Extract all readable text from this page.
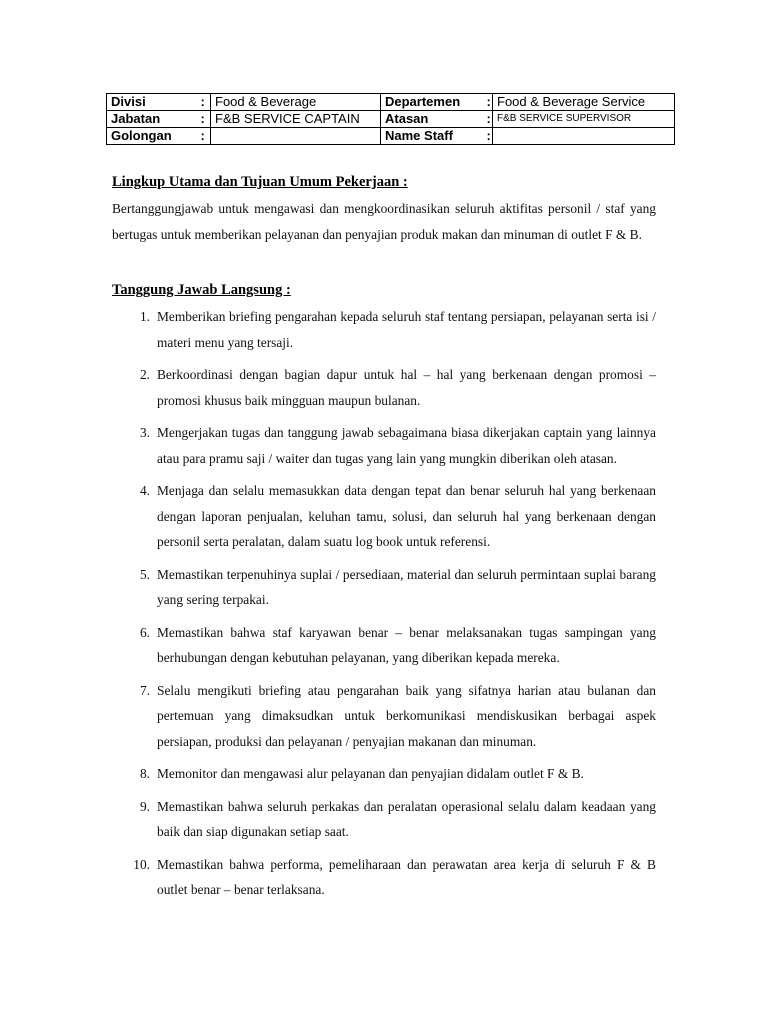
Divisi	:	Food & Beverage	Departemen	:	Food & Beverage Service
Jabatan	:	F&B SERVICE CAPTAIN	Atasan	:	F&B SERVICE SUPERVISOR
Golongan	:		Name Staff	:	
Lingkup Utama dan Tujuan Umum Pekerjaan :

Bertanggungjawab untuk mengawasi dan mengkoordinasikan seluruh aktifitas personil / staf yang bertugas untuk memberikan pelayanan dan penyajian produk makan dan minuman di outlet F & B.

Tanggung Jawab Langsung :
1. Memberikan briefing pengarahan kepada seluruh staf tentang persiapan, pelayanan serta isi / materi menu yang tersaji.
2. Berkoordinasi dengan bagian dapur untuk hal – hal yang berkenaan dengan promosi – promosi khusus baik mingguan maupun bulanan.
3. Mengerjakan tugas dan tanggung jawab sebagaimana biasa dikerjakan captain yang lainnya atau para pramu saji / waiter dan tugas yang lain yang mungkin diberikan oleh atasan.
4. Menjaga dan selalu memasukkan data dengan tepat dan benar seluruh hal yang berkenaan dengan laporan penjualan, keluhan tamu, solusi, dan seluruh hal yang berkenaan dengan personil serta peralatan, dalam suatu log book untuk referensi.
5. Memastikan terpenuhinya suplai / persediaan, material dan seluruh permintaan suplai barang yang sering terpakai.
6. Memastikan bahwa staf karyawan benar – benar melaksanakan tugas sampingan yang berhubungan dengan kebutuhan pelayanan, yang diberikan kepada mereka.
7. Selalu mengikuti briefing atau pengarahan baik yang sifatnya harian atau bulanan dan pertemuan yang dimaksudkan untuk berkomunikasi mendiskusikan berbagai aspek persiapan, produksi dan pelayanan / penyajian makanan dan minuman.
8. Memonitor dan mengawasi alur pelayanan dan penyajian didalam outlet F & B.
9. Memastikan bahwa seluruh perkakas dan peralatan operasional selalu dalam keadaan yang baik dan siap digunakan setiap saat.
10. Memastikan bahwa performa, pemeliharaan dan perawatan area kerja di seluruh F & B outlet benar – benar terlaksana.
